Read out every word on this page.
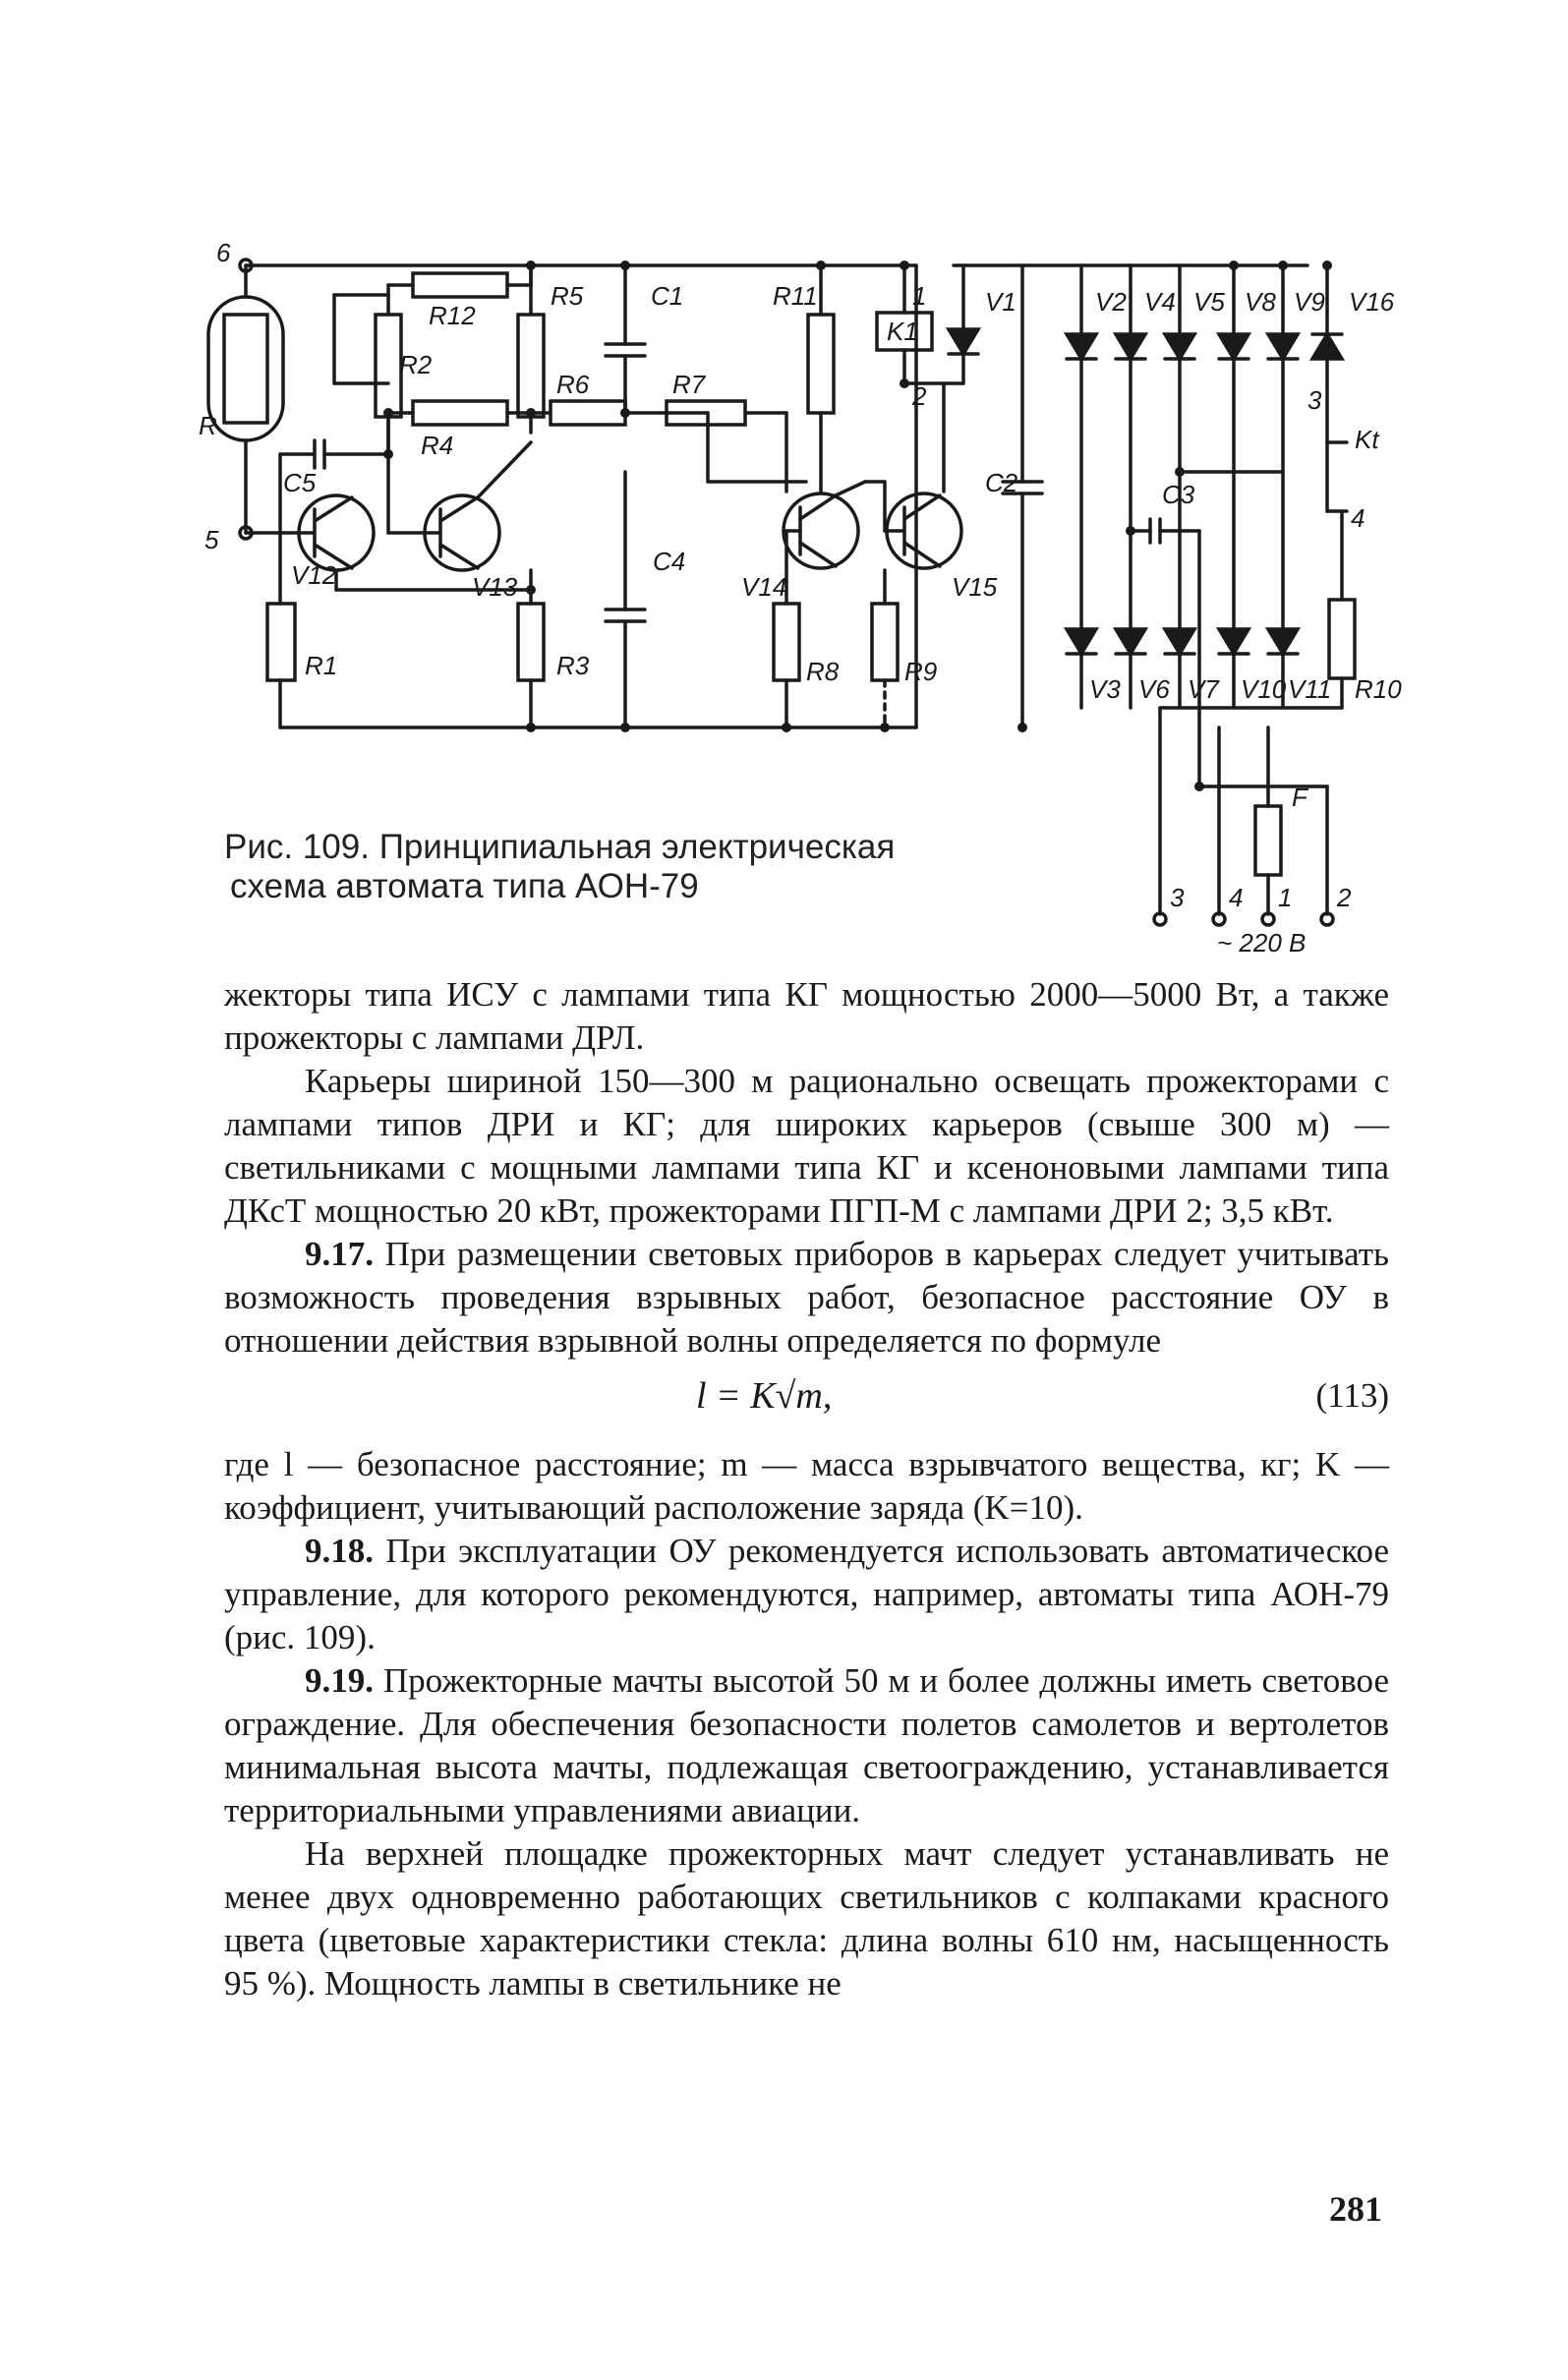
6
R
5
R12
R5	C1	R11	1
K1
V1	V2 V4 V5 V8 V9 V16
R2
R6	R7	2	3
Kt
R4
C5	C2	C3
4
C4
V12	V13	V14	V15
R1	R3	R8	R9
V3 V6 V7 V10 V11 R10
F
3 4 1 2
~ 220 В
Рис. 109. Принципиальная электрическая
схема автомата типа АОН-79

жекторы типа ИСУ с лампами типа КГ мощностью 2000—5000 Вт, а также прожекторы с лампами ДРЛ.

Карьеры шириной 150—300 м рационально освещать прожекторами с лампами типов ДРИ и КГ; для широких карьеров (свыше 300 м) —светильниками с мощными лампами типа КГ и ксеноновыми лампами типа ДКсТ мощностью 20 кВт, прожекторами ПГП-М с лампами ДРИ 2; 3,5 кВт.

9.17. При размещении световых приборов в карьерах следует учитывать возможность проведения взрывных работ, безопасное расстояние ОУ в отношении действия взрывной волны определяется по формуле

l = K√m,	(113)

где l — безопасное расстояние; m — масса взрывчатого вещества, кг; K — коэффициент, учитывающий расположение заряда (K=10).

9.18. При эксплуатации ОУ рекомендуется использовать автоматическое управление, для которого рекомендуются, например, автоматы типа АОН-79 (рис. 109).

9.19. Прожекторные мачты высотой 50 м и более должны иметь световое ограждение. Для обеспечения безопасности полетов самолетов и вертолетов минимальная высота мачты, подлежащая светоограждению, устанавливается территориальными управлениями авиации.

На верхней площадке прожекторных мачт следует устанавливать не менее двух одновременно работающих светильников с колпаками красного цвета (цветовые характеристики стекла: длина волны 610 нм, насыщенность 95 %). Мощность лампы в светильнике не

281
